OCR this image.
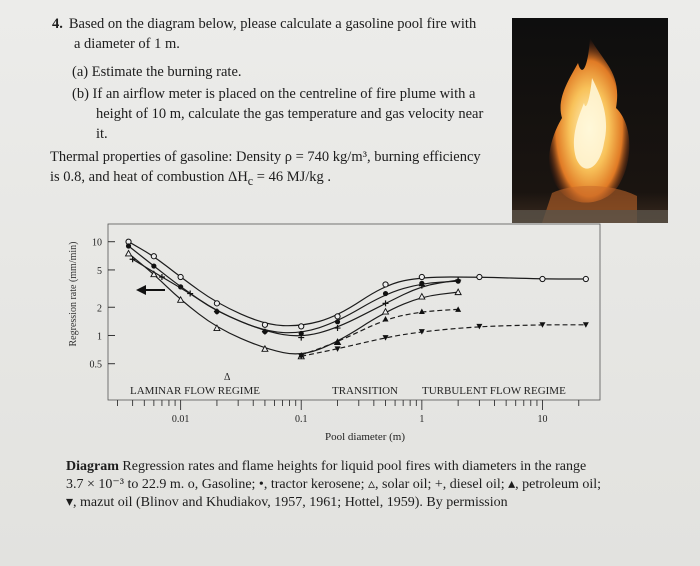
4. Based on the diagram below, please calculate a gasoline pool fire with
a diameter of 1 m.
(a) Estimate the burning rate.
(b) If an airflow meter is placed on the centreline of fire plume with a
height of 10 m, calculate the gas temperature and gas velocity near
it.
Thermal properties of gasoline: Density ρ = 740 kg/m³, burning efficiency
is 0.8, and heat of combustion $\Delta H_c = 46$ MJ/kg .
Regression rate (mm/min)
Pool diameter (m)
LAMINAR FLOW REGIME	TRANSITION TURBULENT FLOW REGIME
Δ
10
5
2
1
0.5
0.01	0.1	1	10
Diagram Regression rates and flame heights for liquid pool fires with diameters in the range
3.7 × 10⁻³ to 22.9 m. ο, Gasoline; •, tractor kerosene; ▵, solar oil; +, diesel oil; ▴, petroleum oil;
▾, mazut oil (Blinov and Khudiakov, 1957, 1961; Hottel, 1959). By permission
